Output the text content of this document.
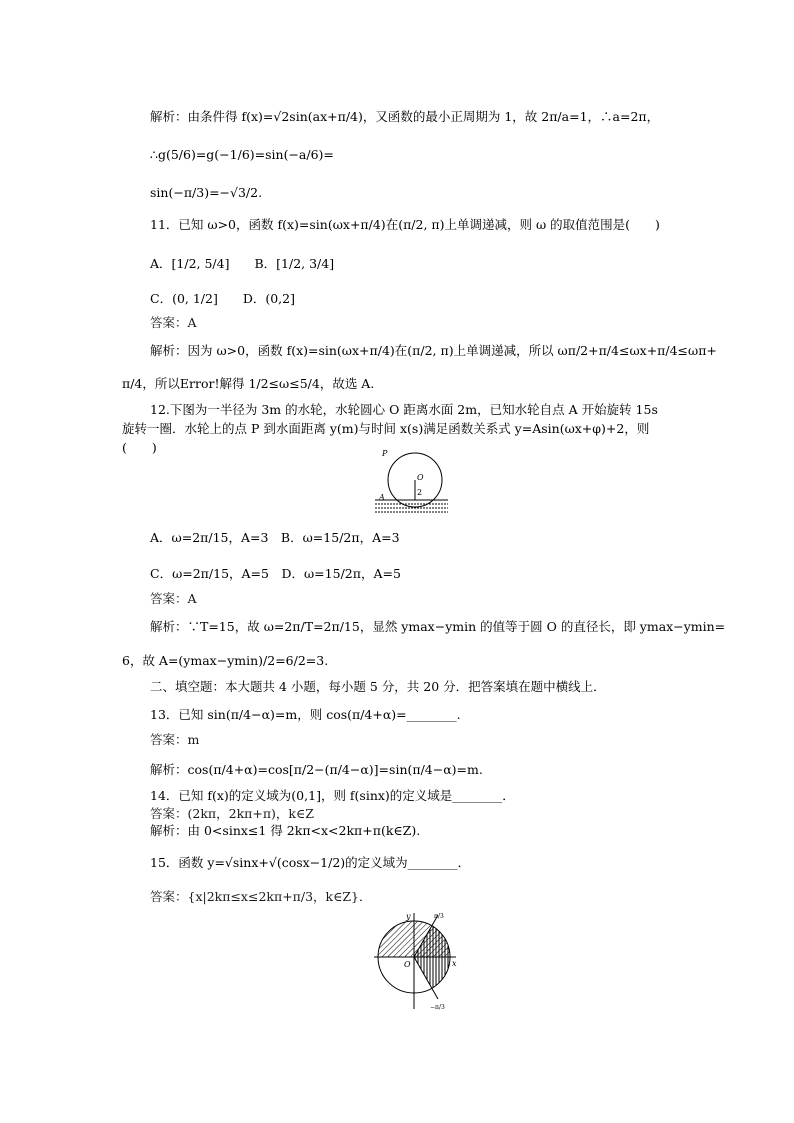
解析：由条件得 f(x)=√2sin(ax+π/4)，又函数的最小正周期为 1，故 2π/a=1，∴a=2π，
∴g(5/6)=g(−1/6)=sin(−a/6)=
sin(−π/3)=−√3/2.
11．已知 ω>0，函数 f(x)=sin(ωx+π/4)在(π/2, π)上单调递减，则 ω 的取值范围是(　　)
A．[1/2, 5/4]　　B．[1/2, 3/4]
C．(0, 1/2]　　D．(0,2]
答案：A
解析：因为 ω>0，函数 f(x)=sin(ωx+π/4)在(π/2, π)上单调递减，所以 ωπ/2+π/4≤ωx+π/4≤ωπ+
π/4，所以Error!解得 1/2≤ω≤5/4，故选 A.
12.下图为一半径为 3m 的水轮，水轮圆心 O 距离水面 2m，已知水轮自点 A 开始旋转 15s
旋转一圈．水轮上的点 P 到水面距离 y(m)与时间 x(s)满足函数关系式 y=Asin(ωx+φ)+2，则
(　　)	P
O
A
2
A．ω=2π/15，A=3　B．ω=15/2π，A=3
C．ω=2π/15，A=5　D．ω=15/2π，A=5
答案：A
解析：∵T=15，故 ω=2π/T=2π/15，显然 ymax−ymin 的值等于圆 O 的直径长，即 ymax−ymin=
6，故 A=(ymax−ymin)/2=6/2=3.
二、填空题：本大题共 4 小题，每小题 5 分，共 20 分．把答案填在题中横线上．
13．已知 sin(π/4−α)=m，则 cos(π/4+α)=________.
答案：m
解析：cos(π/4+α)=cos[π/2−(π/4−α)]=sin(π/4−α)=m.
14．已知 f(x)的定义域为(0,1]，则 f(sinx)的定义域是________．
答案：(2kπ，2kπ+π)，k∈Z
解析：由 0<sinx≤1 得 2kπ<x<2kπ+π(k∈Z).
15．函数 y=√sinx+√(cosx−1/2)的定义域为________．
答案：{x|2kπ≤x≤2kπ+π/3，k∈Z}．
y
x
O
π/3
−π/3
